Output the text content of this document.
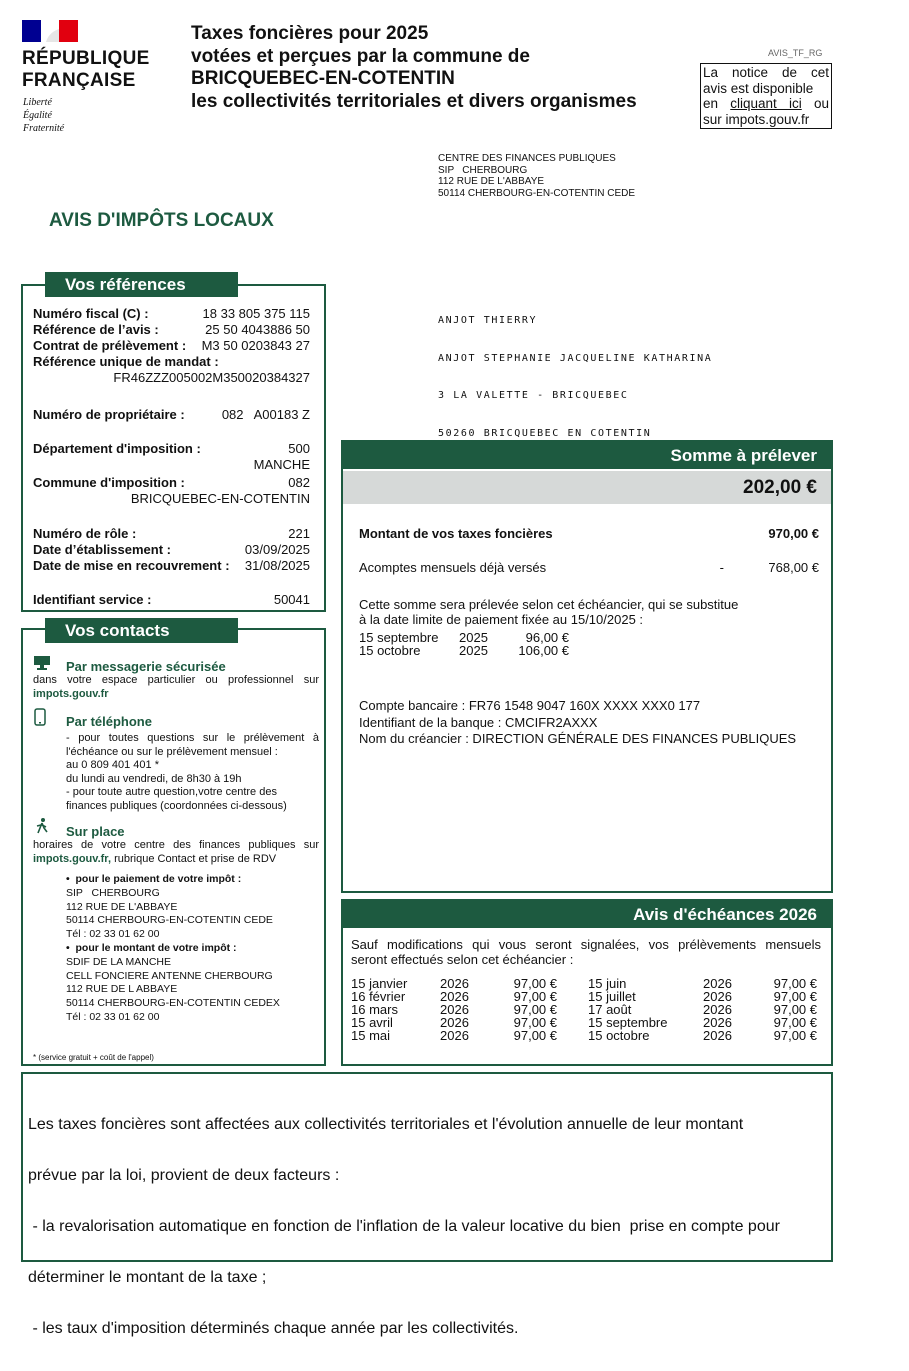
RÉPUBLIQUE
FRANÇAISE
Liberté
Égalité
Fraternité
Taxes foncières pour 2025
votées et perçues par la commune de
BRICQUEBEC-EN-COTENTIN
les collectivités territoriales et divers organismes
AVIS_TF_RG
La notice de cet
avis est disponible
en cliquant ici ou
sur impots.gouv.fr
CENTRE DES FINANCES PUBLIQUES
SIP   CHERBOURG
112 RUE DE L'ABBAYE
50114 CHERBOURG-EN-COTENTIN CEDE
AVIS D'IMPÔTS LOCAUX

ANJOT THIERRY

ANJOT STEPHANIE JACQUELINE KATHARINA

3 LA VALETTE - BRICQUEBEC

50260 BRICQUEBEC EN COTENTIN

Numéro fiscal (C) :	18 33 805 375 115
Référence de l’avis :	25 50 4043886 50
Contrat de prélèvement : M3 50 0203843 27
Référence unique de mandat :
FR46ZZZ005002M350020384327
Numéro de propriétaire :	082   A00183 Z
Département d'imposition :	500
MANCHE
Commune d'imposition :	082
BRICQUEBEC-EN-COTENTIN
Numéro de rôle :	221
Date d’établissement :	03/09/2025
Date de mise en recouvrement : 31/08/2025
Identifiant service :	50041
Vos références
Par messagerie sécurisée
dans votre espace particulier ou professionnel sur
impots.gouv.fr
Par téléphone
- pour toutes questions sur le prélèvement à
l'échéance ou sur le prélèvement mensuel :
au 0 809 401 401 *
du lundi au vendredi, de 8h30 à 19h
- pour toute autre question,votre centre des
finances publiques (coordonnées ci-dessous)
Sur place
horaires de votre centre des finances publiques sur
impots.gouv.fr, rubrique Contact et prise de RDV
•  pour le paiement de votre impôt :
SIP   CHERBOURG
112 RUE DE L'ABBAYE
50114 CHERBOURG-EN-COTENTIN CEDE
Tél : 02 33 01 62 00
•  pour le montant de votre impôt :
SDIF DE LA MANCHE
CELL FONCIERE ANTENNE CHERBOURG
112 RUE DE L ABBAYE
50114 CHERBOURG-EN-COTENTIN CEDEX
Tél : 02 33 01 62 00
* (service gratuit + coût de l'appel)
Vos contacts
Somme à prélever
202,00 €
Montant de vos taxes foncières	970,00 €
Acomptes mensuels déjà versés	-	768,00 €
Cette somme sera prélevée selon cet échéancier, qui se substitue
à la date limite de paiement fixée au 15/10/2025 :
15 septembre	2025	96,00 €
15 octobre	2025	106,00 €
Compte bancaire : FR76 1548 9047 160X XXXX XXX0 177
Identifiant de la banque : CMCIFR2AXXX
Nom du créancier : DIRECTION GÉNÉRALE DES FINANCES PUBLIQUES
Avis d'échéances 2026
Sauf modifications qui vous seront signalées, vos prélèvements mensuels
seront effectués selon cet échéancier :
15 janvier	2026	97,00 €
16 février	2026	97,00 €
16 mars	2026	97,00 €
15 avril	2026	97,00 €
15 mai	2026	97,00 €
15 juin	2026	97,00 €
15 juillet	2026	97,00 €
17 août	2026	97,00 €
15 septembre	2026	97,00 €
15 octobre	2026	97,00 €

Les taxes foncières sont affectées aux collectivités territoriales et l'évolution annuelle de leur montant

prévue par la loi, provient de deux facteurs :

- la revalorisation automatique en fonction de l'inflation de la valeur locative du bien  prise en compte pour

déterminer le montant de la taxe ;

- les taux d'imposition déterminés chaque année par les collectivités.
